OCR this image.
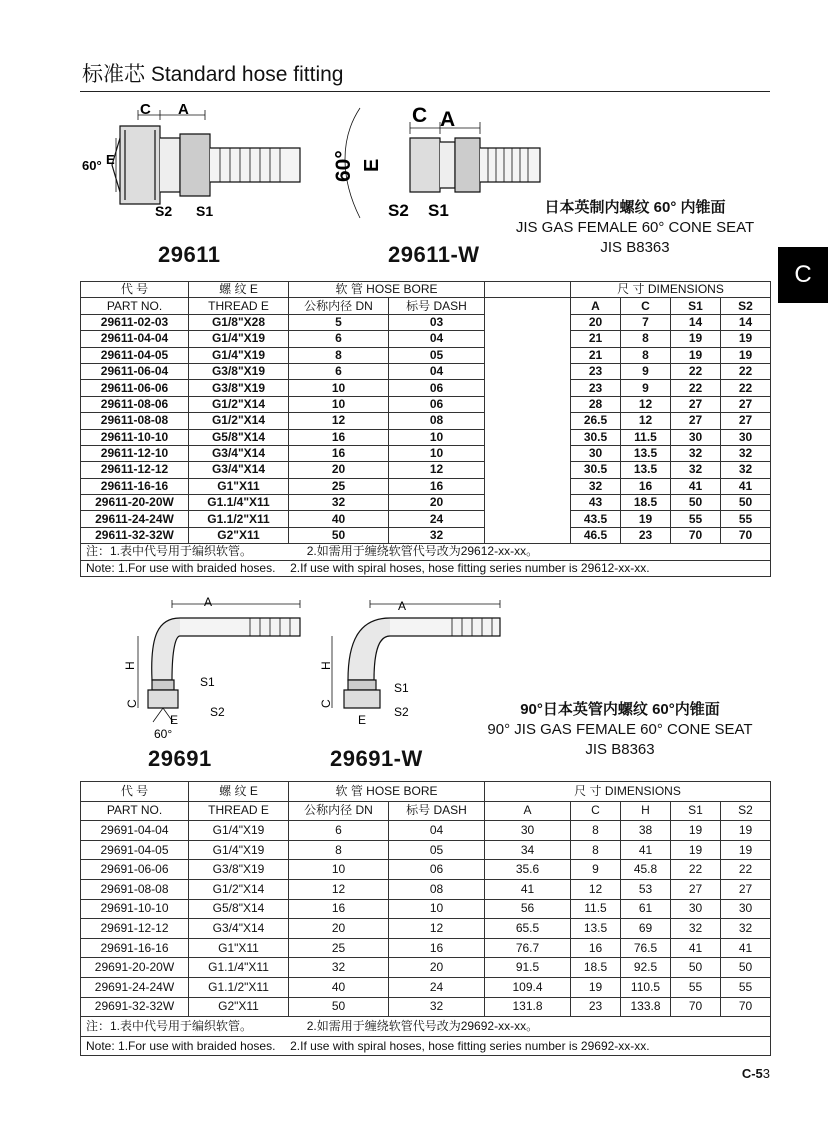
标准芯 Standard hose fitting
C
C A
60° E
S2 S1
C A
60° E
S2 S1
29611	29611-W
日本英制内螺纹 60° 内锥面
JIS GAS FEMALE 60° CONE SEAT
JIS B8363
代 号	螺 纹 E	软 管 HOSE BORE			尺 寸 DIMENSIONS			
PART NO.	THREAD E	公称内径 DN	标号 DASH		A	C	S1	S2
29611-02-03	G1/8"X28	5	03		20	7	14	14
29611-04-04	G1/4"X19	6	04		21	8	19	19
29611-04-05	G1/4"X19	8	05		21	8	19	19
29611-06-04	G3/8"X19	6	04		23	9	22	22
29611-06-06	G3/8"X19	10	06		23	9	22	22
29611-08-06	G1/2"X14	10	06		28	12	27	27
29611-08-08	G1/2"X14	12	08		26.5	12	27	27
29611-10-10	G5/8"X14	16	10		30.5	11.5	30	30
29611-12-10	G3/4"X14	16	10		30	13.5	32	32
29611-12-12	G3/4"X14	20	12		30.5	13.5	32	32
29611-16-16	G1"X11	25	16		32	16	41	41
29611-20-20W	G1.1/4"X11	32	20		43	18.5	50	50
29611-24-24W	G1.1/2"X11	40	24		43.5	19	55	55
29611-32-32W	G2"X11	50	32		46.5	23	70	70
注：1.表中代号用于编织软管。 2.如需用于缠绕软管代号改为29612-xx-xx。								
Note: 1.For use with braided hoses. 2.If use with spiral hoses, hose fitting series number is 29612-xx-xx.								
A
H
C
S1
S2
E
60°
A
H
C
S1
S2
E
29691	29691-W
90°日本英管内螺纹 60°内锥面
90° JIS GAS FEMALE 60° CONE SEAT
JIS B8363
代 号	螺 纹 E	软 管 HOSE BORE		尺 寸 DIMENSIONS				
PART NO.	THREAD E	公称内径 DN	标号 DASH	A	C	H	S1	S2
29691-04-04	G1/4"X19	6	04	30	8	38	19	19
29691-04-05	G1/4"X19	8	05	34	8	41	19	19
29691-06-06	G3/8"X19	10	06	35.6	9	45.8	22	22
29691-08-08	G1/2"X14	12	08	41	12	53	27	27
29691-10-10	G5/8"X14	16	10	56	11.5	61	30	30
29691-12-12	G3/4"X14	20	12	65.5	13.5	69	32	32
29691-16-16	G1"X11	25	16	76.7	16	76.5	41	41
29691-20-20W	G1.1/4"X11	32	20	91.5	18.5	92.5	50	50
29691-24-24W	G1.1/2"X11	40	24	109.4	19	110.5	55	55
29691-32-32W	G2"X11	50	32	131.8	23	133.8	70	70
注：1.表中代号用于编织软管。 2.如需用于缠绕软管代号改为29692-xx-xx。								
Note: 1.For use with braided hoses. 2.If use with spiral hoses, hose fitting series number is 29692-xx-xx.								
C-53
